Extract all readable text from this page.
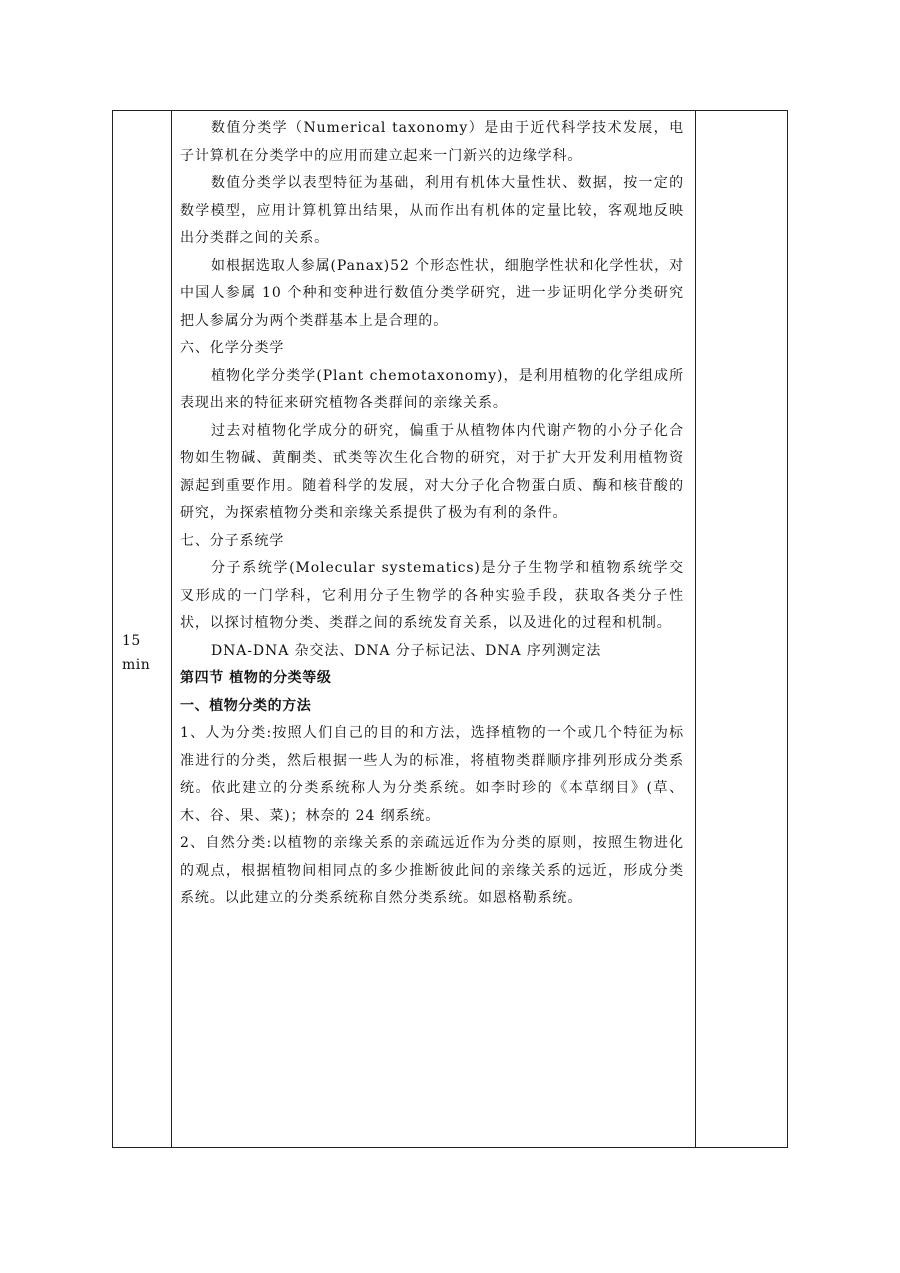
15
min

数值分类学（Numerical taxonomy）是由于近代科学技术发展，电子计算机在分类学中的应用而建立起来一门新兴的边缘学科。

数值分类学以表型特征为基础，利用有机体大量性状、数据，按一定的数学模型，应用计算机算出结果，从而作出有机体的定量比较，客观地反映出分类群之间的关系。

如根据选取人参属(Panax)52 个形态性状，细胞学性状和化学性状，对中国人参属 10 个种和变种进行数值分类学研究，进一步证明化学分类研究把人参属分为两个类群基本上是合理的。

六、化学分类学

植物化学分类学(Plant chemotaxonomy)，是利用植物的化学组成所表现出来的特征来研究植物各类群间的亲缘关系。

过去对植物化学成分的研究，偏重于从植物体内代谢产物的小分子化合物如生物碱、黄酮类、甙类等次生化合物的研究，对于扩大开发利用植物资源起到重要作用。随着科学的发展，对大分子化合物蛋白质、酶和核苷酸的研究，为探索植物分类和亲缘关系提供了极为有利的条件。

七、分子系统学

分子系统学(Molecular systematics)是分子生物学和植物系统学交叉形成的一门学科，它利用分子生物学的各种实验手段，获取各类分子性状，以探讨植物分类、类群之间的系统发育关系，以及进化的过程和机制。

DNA-DNA 杂交法、DNA 分子标记法、DNA 序列测定法

第四节 植物的分类等级

一、植物分类的方法

1、人为分类:按照人们自己的目的和方法，选择植物的一个或几个特征为标准进行的分类，然后根据一些人为的标准，将植物类群顺序排列形成分类系统。依此建立的分类系统称人为分类系统。如李时珍的《本草纲目》(草、木、谷、果、菜)；林奈的 24 纲系统。

2、自然分类:以植物的亲缘关系的亲疏远近作为分类的原则，按照生物进化的观点，根据植物间相同点的多少推断彼此间的亲缘关系的远近，形成分类系统。以此建立的分类系统称自然分类系统。如恩格勒系统。
